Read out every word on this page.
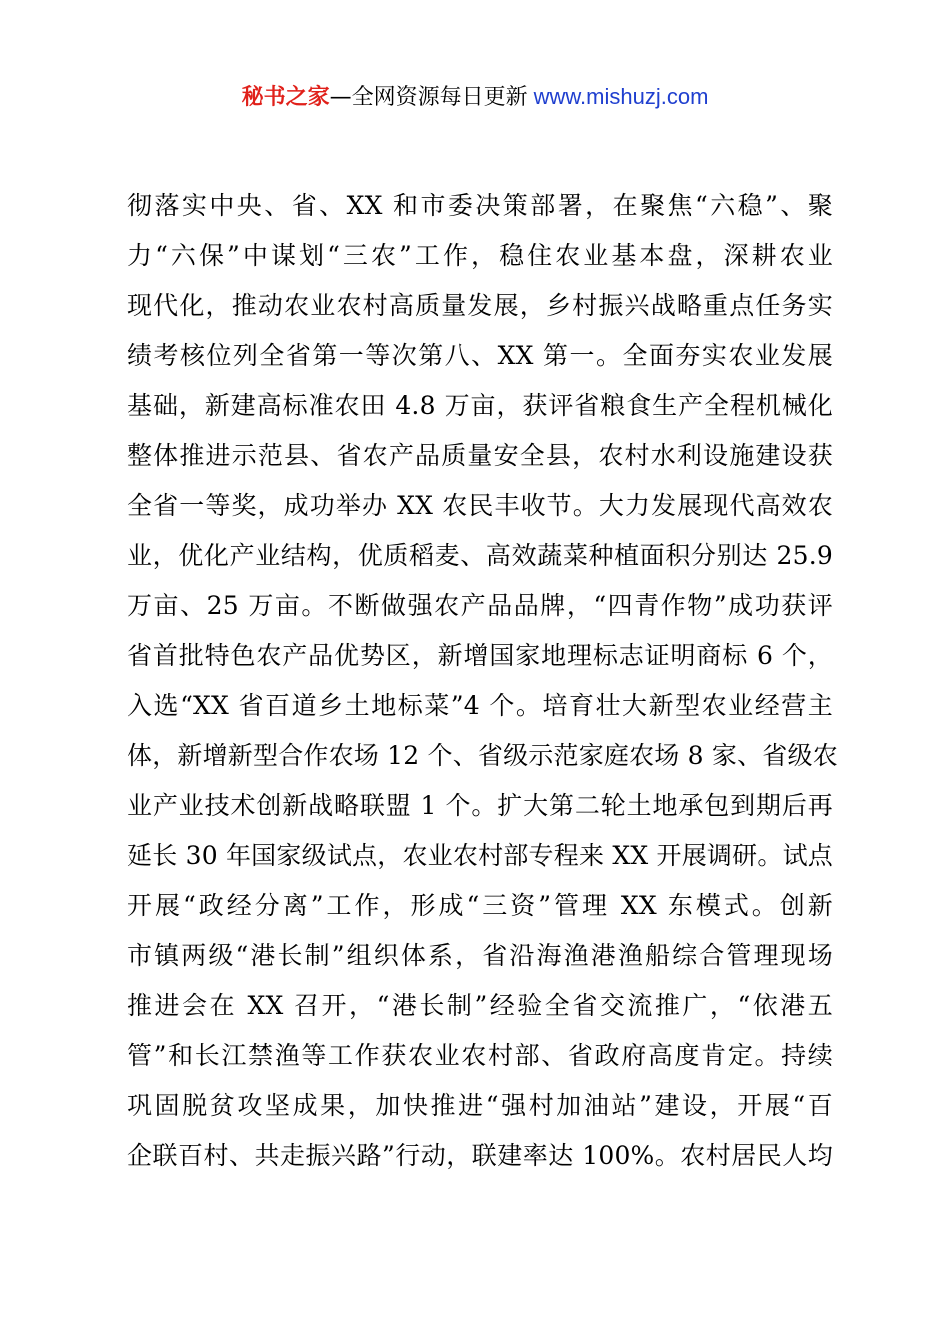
秘书之家—全网资源每日更新 www.mishuzj.com
彻落实中央、省、XX 和市委决策部署，在聚焦“六稳”、聚
力“六保”中谋划“三农”工作，稳住农业基本盘，深耕农业
现代化，推动农业农村高质量发展，乡村振兴战略重点任务实
绩考核位列全省第一等次第八、XX 第一。全面夯实农业发展
基础，新建高标准农田 4.8 万亩，获评省粮食生产全程机械化
整体推进示范县、省农产品质量安全县，农村水利设施建设获
全省一等奖，成功举办 XX 农民丰收节。大力发展现代高效农
业，优化产业结构，优质稻麦、高效蔬菜种植面积分别达 25.9
万亩、25 万亩。不断做强农产品品牌，“四青作物”成功获评
省首批特色农产品优势区，新增国家地理标志证明商标 6 个，
入选“XX 省百道乡土地标菜”4 个。培育壮大新型农业经营主
体，新增新型合作农场 12 个、省级示范家庭农场 8 家、省级农
业产业技术创新战略联盟 1 个。扩大第二轮土地承包到期后再
延长 30 年国家级试点，农业农村部专程来 XX 开展调研。试点
开展“政经分离”工作，形成“三资”管理 XX 东模式。创新
市镇两级“港长制”组织体系，省沿海渔港渔船综合管理现场
推进会在 XX 召开，“港长制”经验全省交流推广，“依港五
管”和长江禁渔等工作获农业农村部、省政府高度肯定。持续
巩固脱贫攻坚成果，加快推进“强村加油站”建设，开展“百
企联百村、共走振兴路”行动，联建率达 100%。农村居民人均
